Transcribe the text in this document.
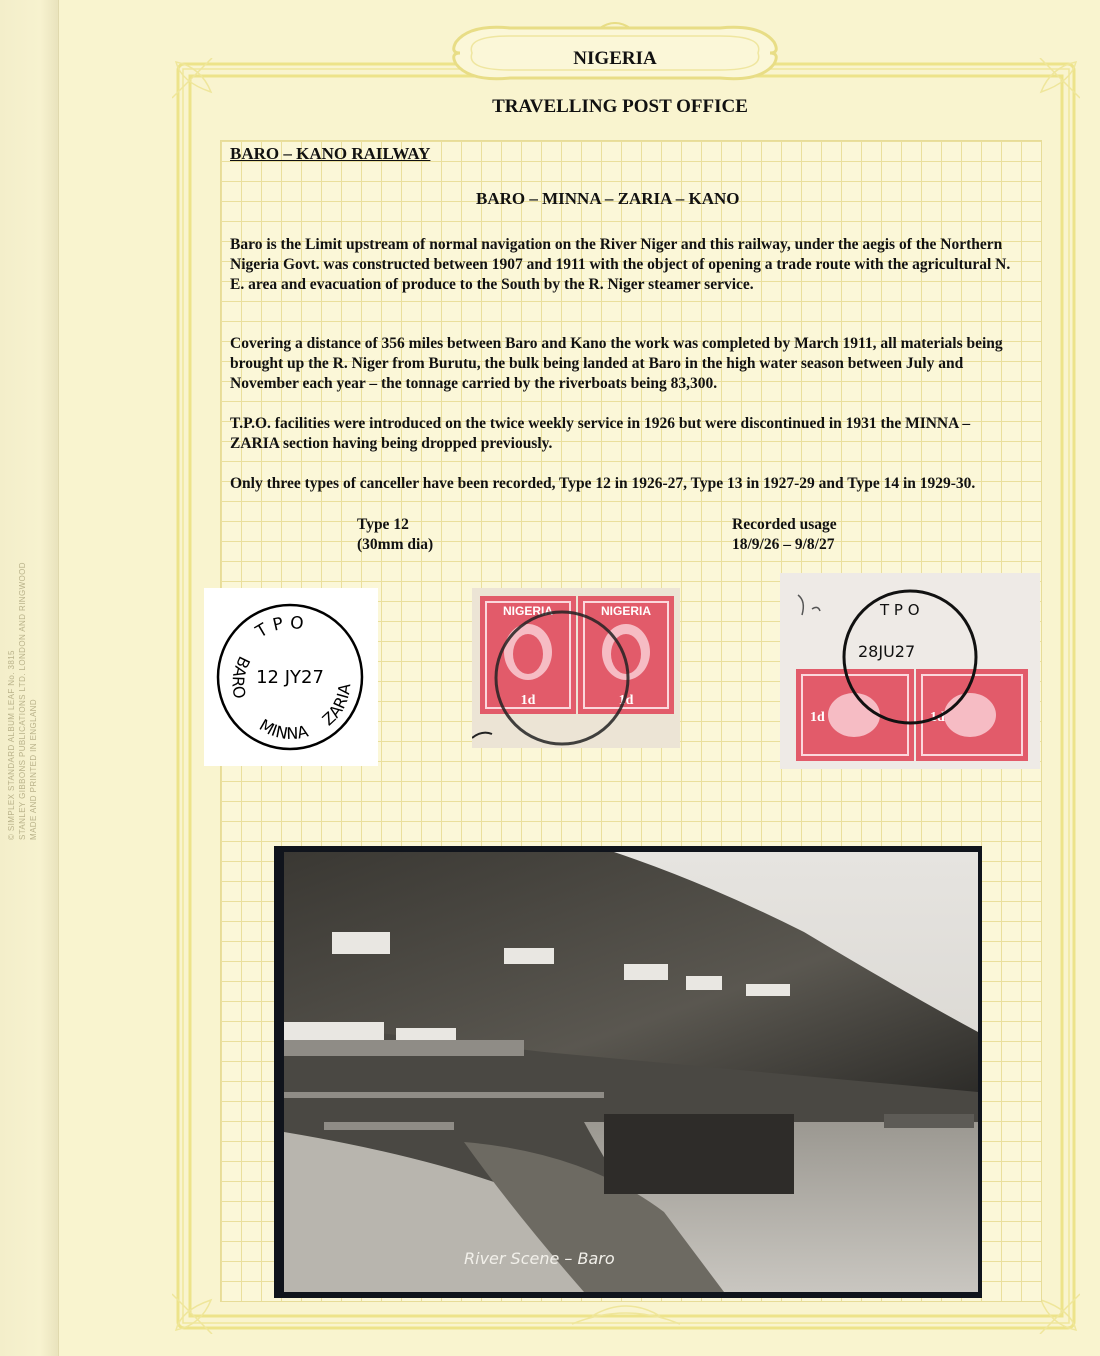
© SIMPLEX STANDARD ALBUM LEAF No. 3815 STANLEY GIBBONS PUBLICATIONS LTD. LONDON AND RINGWOOD MADE AND PRINTED IN ENGLAND
NIGERIA
TRAVELLING POST OFFICE
BARO – KANO RAILWAY
BARO – MINNA – ZARIA – KANO
Baro is the Limit upstream of normal navigation on the River Niger and this railway, under the aegis of the Northern Nigeria Govt. was constructed between 1907 and 1911 with the object of opening a trade route with the agricultural N. E. area and evacuation of produce to the South by the R. Niger steamer service.
Covering a distance of 356 miles between Baro and Kano the work was completed by March 1911, all materials being brought up the R. Niger from Burutu, the bulk being landed at Baro in the high water season between July and November each year – the tonnage carried by the riverboats being 83,300.
T.P.O. facilities were introduced on the twice weekly service in 1926 but were discontinued in 1931 the MINNA – ZARIA section having being dropped previously.
Only three types of canceller have been recorded, Type 12 in 1926-27, Type 13 in 1927-29 and Type 14 in 1929-30.
Type 12
(30mm dia)
Recorded usage
18/9/26 – 9/8/27
T P O
12 JY27
BARO
MINNA
ZARIA
NIGERIA
1d
NIGERIA
1d
1d	1d
T P O
28JU27
River Scene – Baro
